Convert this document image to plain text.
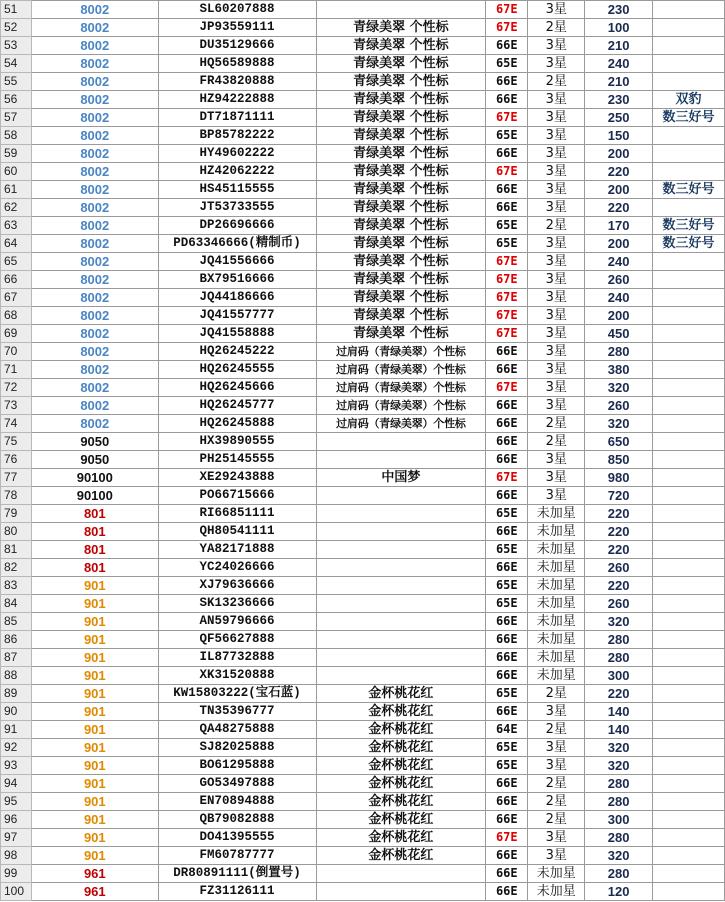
51	8002	SL60207888		67E	3星	230	
52	8002	JP93559111	青绿美翠 个性标	67E	2星	100	
53	8002	DU35129666	青绿美翠 个性标	66E	3星	210	
54	8002	HQ56589888	青绿美翠 个性标	65E	3星	240	
55	8002	FR43820888	青绿美翠 个性标	66E	2星	210	
56	8002	HZ94222888	青绿美翠 个性标	66E	3星	230	双豹
57	8002	DT71871111	青绿美翠 个性标	67E	3星	250	数三好号
58	8002	BP85782222	青绿美翠 个性标	65E	3星	150	
59	8002	HY49602222	青绿美翠 个性标	66E	3星	200	
60	8002	HZ42062222	青绿美翠 个性标	67E	3星	220	
61	8002	HS45115555	青绿美翠 个性标	66E	3星	200	数三好号
62	8002	JT53733555	青绿美翠 个性标	66E	3星	220	
63	8002	DP26696666	青绿美翠 个性标	65E	2星	170	数三好号
64	8002	PD63346666(精制币)	青绿美翠 个性标	65E	3星	200	数三好号
65	8002	JQ41556666	青绿美翠 个性标	67E	3星	240	
66	8002	BX79516666	青绿美翠 个性标	67E	3星	260	
67	8002	JQ44186666	青绿美翠 个性标	67E	3星	240	
68	8002	JQ41557777	青绿美翠 个性标	67E	3星	200	
69	8002	JQ41558888	青绿美翠 个性标	67E	3星	450	
70	8002	HQ26245222	过肩码（青绿美翠）个性标	66E	3星	280	
71	8002	HQ26245555	过肩码（青绿美翠）个性标	66E	3星	380	
72	8002	HQ26245666	过肩码（青绿美翠）个性标	67E	3星	320	
73	8002	HQ26245777	过肩码（青绿美翠）个性标	66E	3星	260	
74	8002	HQ26245888	过肩码（青绿美翠）个性标	66E	2星	320	
75	9050	HX39890555		66E	2星	650	
76	9050	PH25145555		66E	3星	850	
77	90100	XE29243888	中国梦	67E	3星	980	
78	90100	PO66715666		66E	3星	720	
79	801	RI66851111		65E	未加星	220	
80	801	QH80541111		66E	未加星	220	
81	801	YA82171888		65E	未加星	220	
82	801	YC24026666		66E	未加星	260	
83	901	XJ79636666		65E	未加星	220	
84	901	SK13236666		65E	未加星	260	
85	901	AN59796666		66E	未加星	320	
86	901	QF56627888		66E	未加星	280	
87	901	IL87732888		66E	未加星	280	
88	901	XK31520888		66E	未加星	300	
89	901	KW15803222(宝石蓝)	金杯桃花红	65E	2星	220	
90	901	TN35396777	金杯桃花红	66E	3星	140	
91	901	QA48275888	金杯桃花红	64E	2星	140	
92	901	SJ82025888	金杯桃花红	65E	3星	320	
93	901	BO61295888	金杯桃花红	65E	3星	320	
94	901	GO53497888	金杯桃花红	66E	2星	280	
95	901	EN70894888	金杯桃花红	66E	2星	280	
96	901	QB79082888	金杯桃花红	66E	2星	300	
97	901	DO41395555	金杯桃花红	67E	3星	280	
98	901	FM60787777	金杯桃花红	66E	3星	320	
99	961	DR80891111(倒置号)		66E	未加星	280	
100	961	FZ31126111		66E	未加星	120	
